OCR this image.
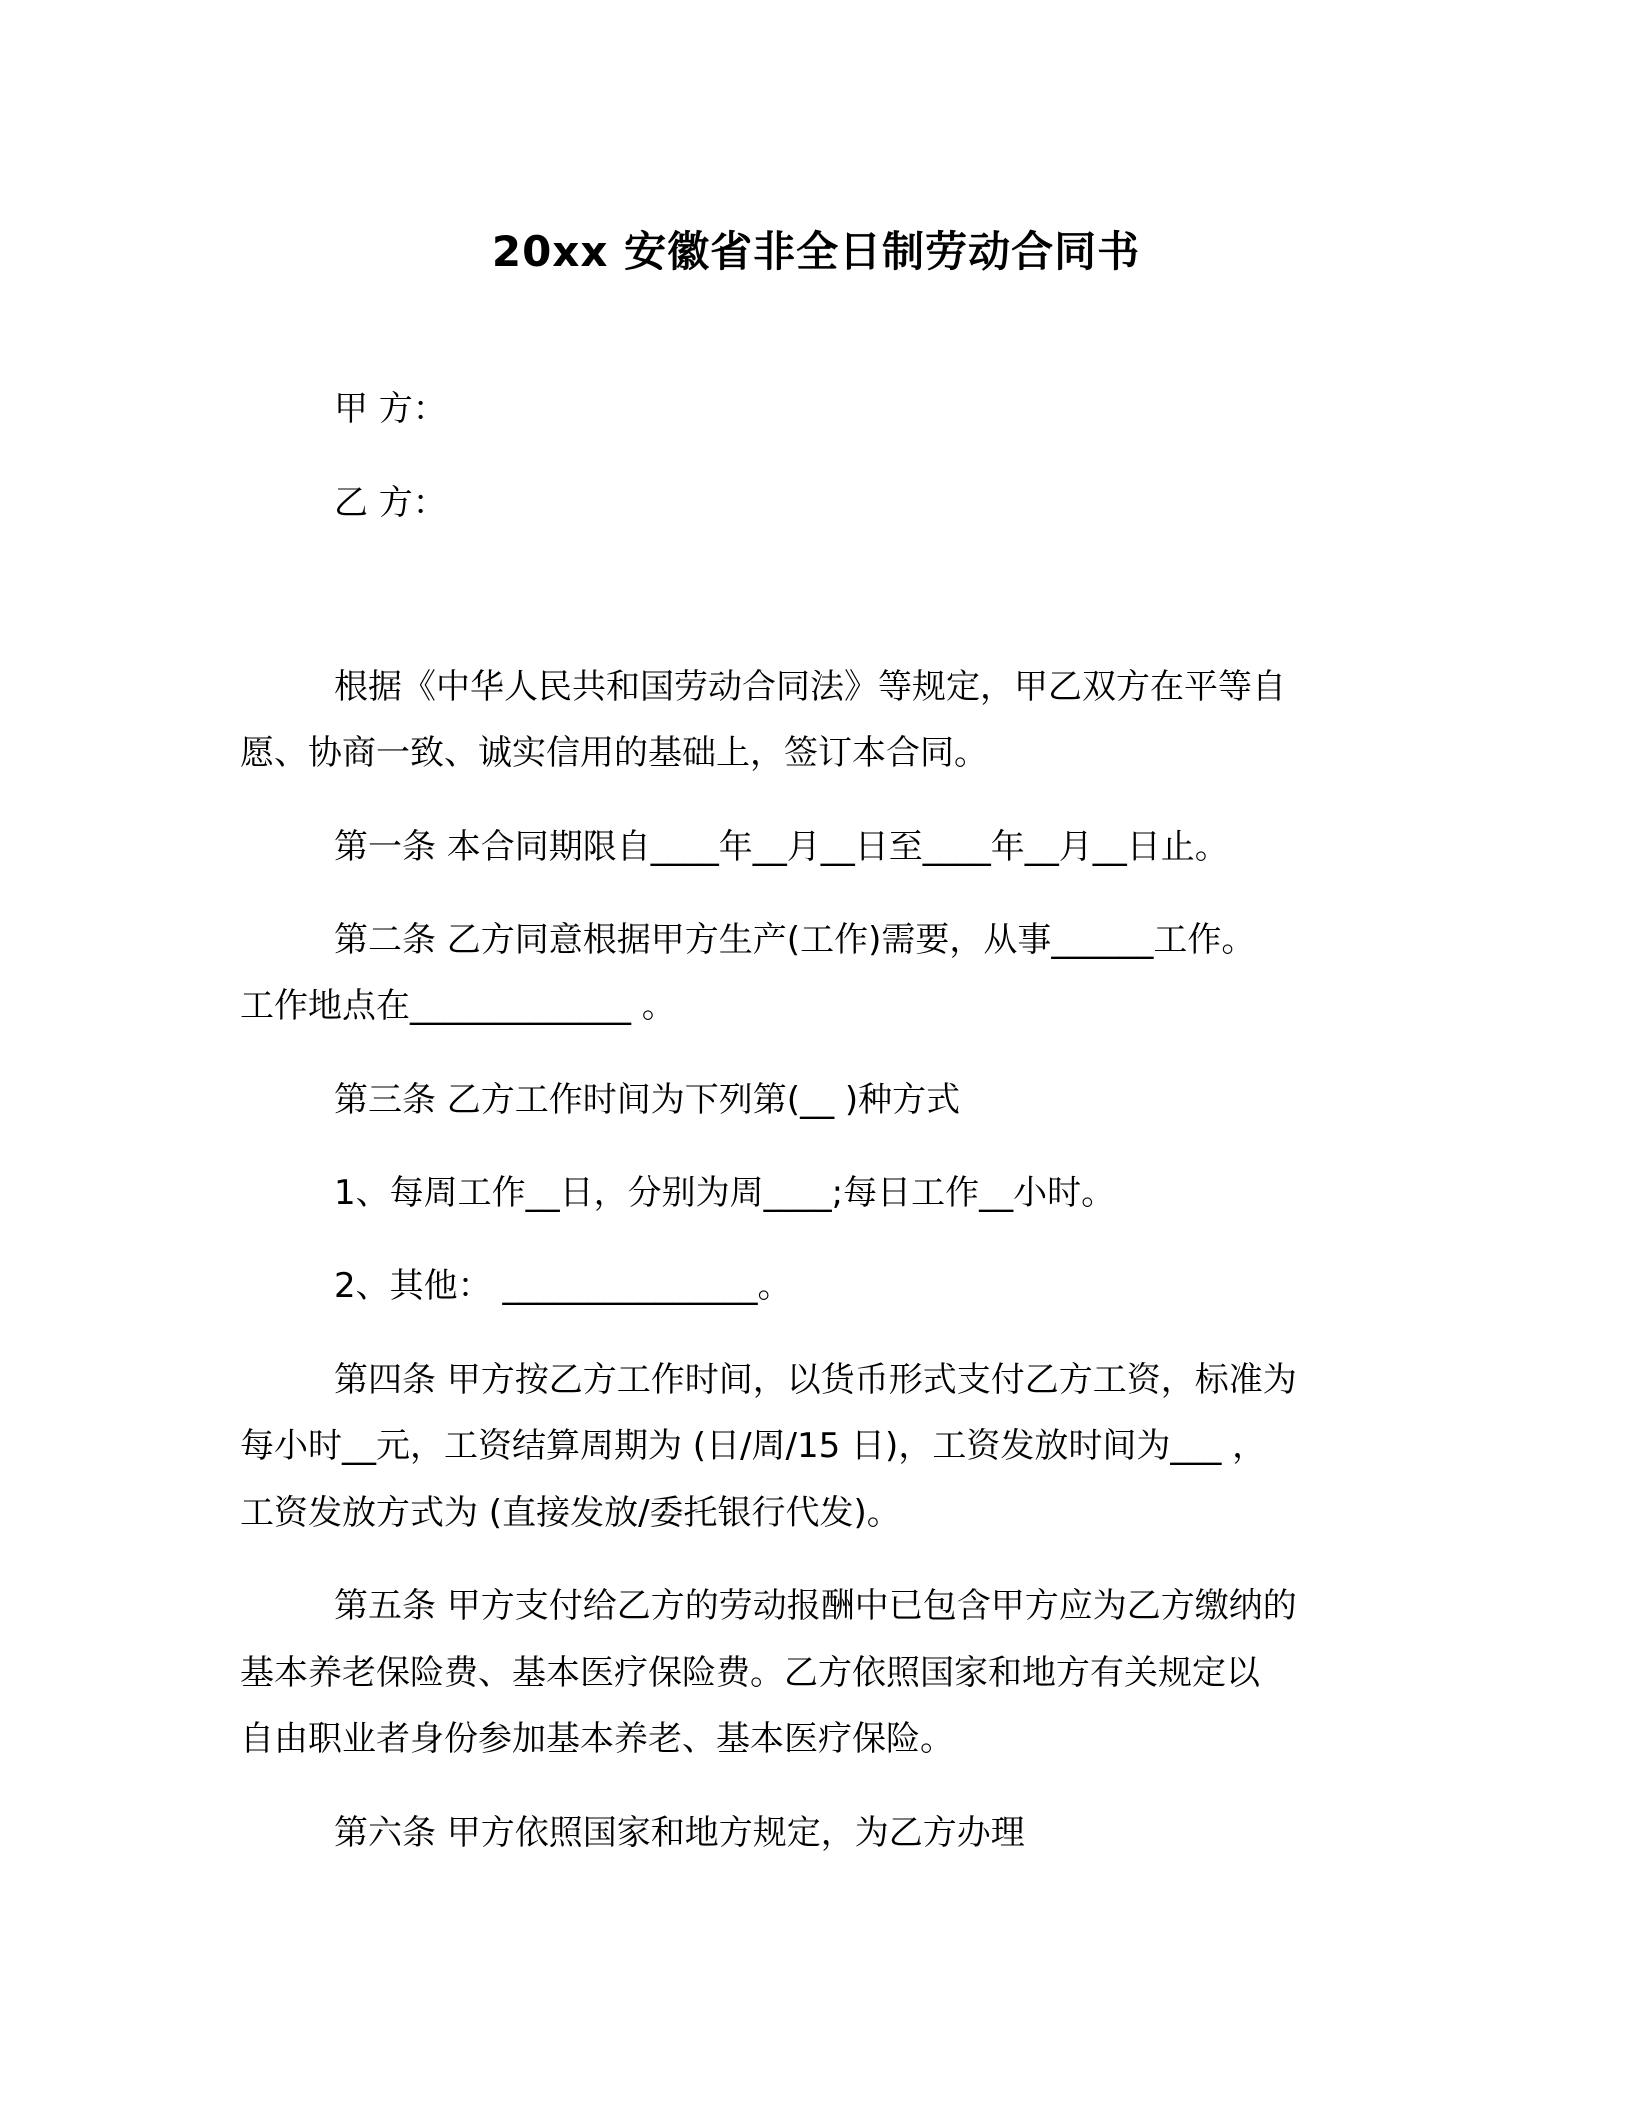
20xx 安徽省非全日制劳动合同书
甲 方：
乙 方：
根据《中华人民共和国劳动合同法》等规定，甲乙双方在平等自
愿、协商一致、诚实信用的基础上，签订本合同。
第一条 本合同期限自____年__月__日至____年__月__日止。
第二条 乙方同意根据甲方生产(工作)需要，从事______工作。
工作地点在_____________ 。
第三条 乙方工作时间为下列第(__ )种方式
1、每周工作__日，分别为周____;每日工作__小时。
2、其他： _______________。
第四条 甲方按乙方工作时间，以货币形式支付乙方工资，标准为
每小时__元，工资结算周期为 (日/周/15 日)，工资发放时间为___ ，
工资发放方式为 (直接发放/委托银行代发)。
第五条 甲方支付给乙方的劳动报酬中已包含甲方应为乙方缴纳的
基本养老保险费、基本医疗保险费。乙方依照国家和地方有关规定以
自由职业者身份参加基本养老、基本医疗保险。
第六条 甲方依照国家和地方规定，为乙方办理
